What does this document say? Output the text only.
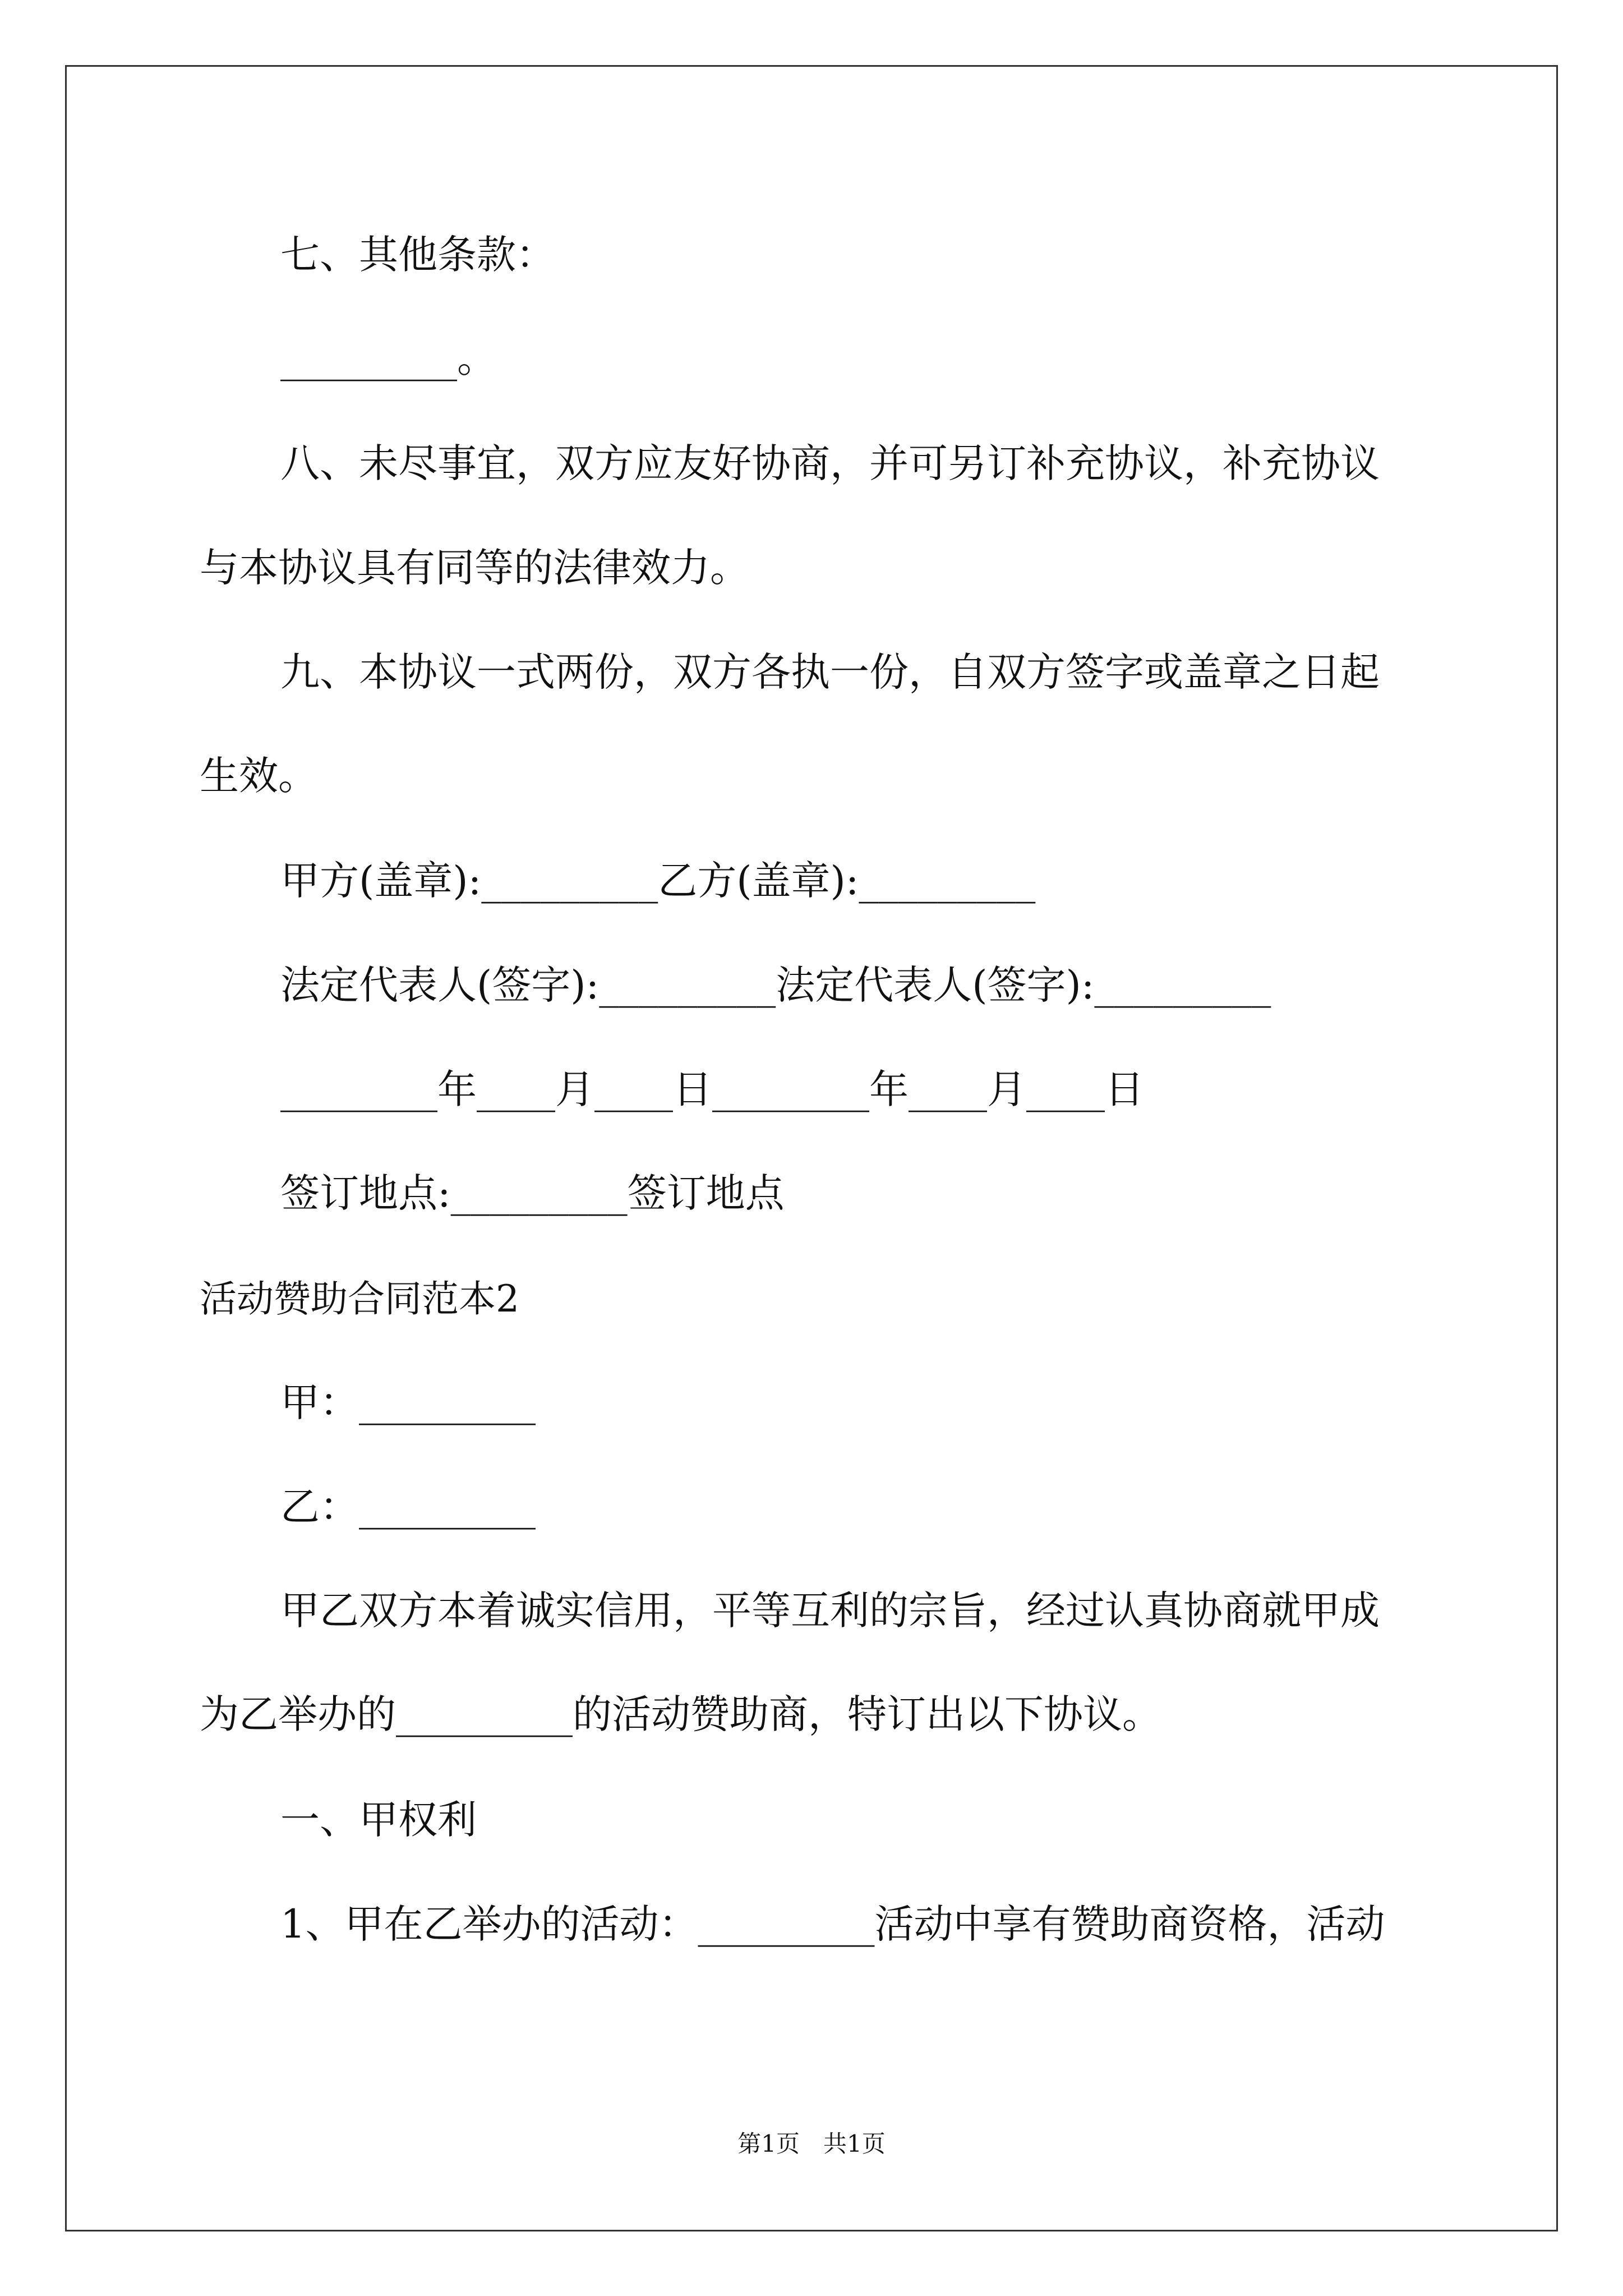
七、其他条款：
_________。
八、未尽事宜，双方应友好协商，并可另订补充协议，补充协议
与本协议具有同等的法律效力。
九、本协议一式两份，双方各执一份，自双方签字或盖章之日起
生效。
甲方(盖章):_________乙方(盖章):_________
法定代表人(签字):_________法定代表人(签字):_________
________年____月____日________年____月____日
签订地点:_________签订地点
活动赞助合同范本2
甲：_________
乙：_________
甲乙双方本着诚实信用，平等互利的宗旨，经过认真协商就甲成
为乙举办的_________的活动赞助商，特订出以下协议。
一、甲权利
1、甲在乙举办的活动：_________活动中享有赞助商资格，活动
第1页　共1页
